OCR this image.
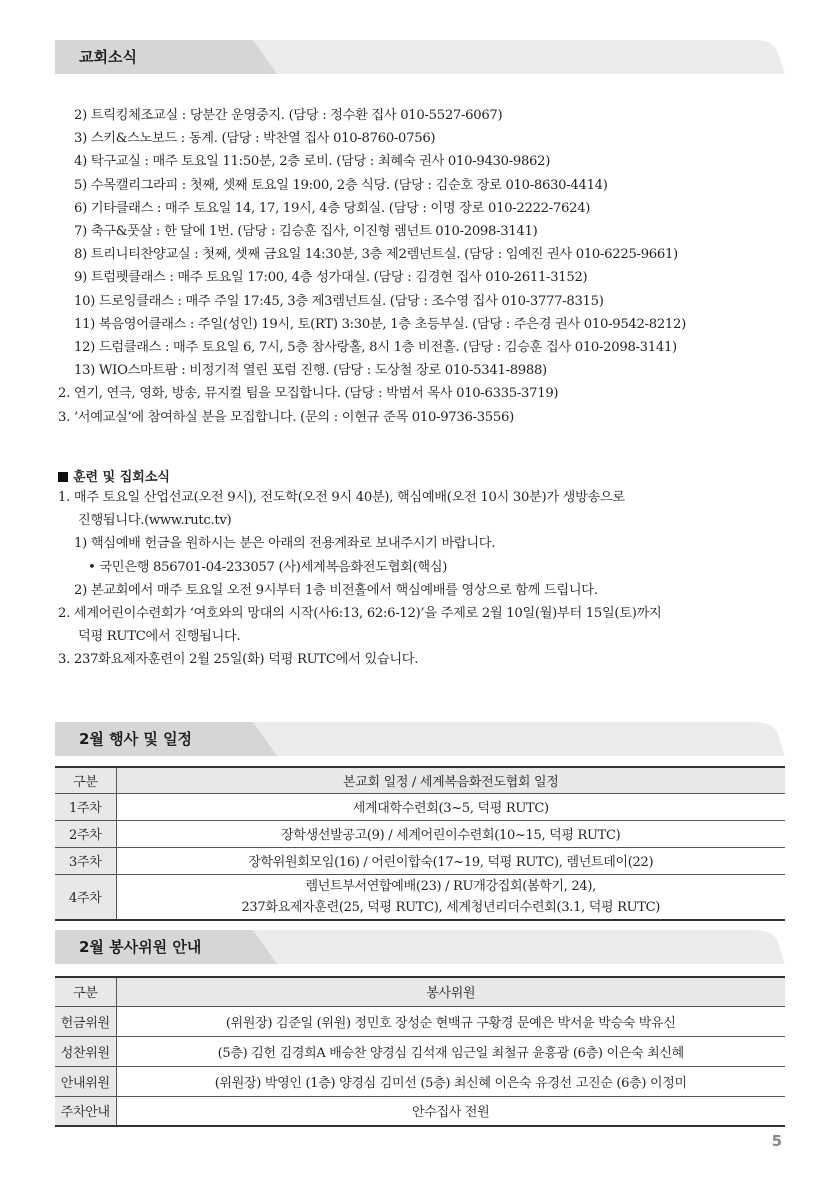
교회소식
2) 트릭킹체조교실 : 당분간 운영중지. (담당 : 정수환 집사 010-5527-6067)
3) 스키&스노보드 : 동계. (담당 : 박찬열 집사 010-8760-0756)
4) 탁구교실 : 매주 토요일 11:50분, 2층 로비. (담당 : 최혜숙 권사 010-9430-9862)
5) 수목캘리그라피 : 첫째, 셋째 토요일 19:00, 2층 식당. (담당 : 김순호 장로 010-8630-4414)
6) 기타클래스 : 매주 토요일 14, 17, 19시, 4층 당회실. (담당 : 이명 장로 010-2222-7624)
7) 축구&풋살 : 한 달에 1번. (담당 : 김승훈 집사, 이진형 렘넌트 010-2098-3141)
8) 트리니티찬양교실 : 첫째, 셋째 금요일 14:30분, 3층 제2렘넌트실. (담당 : 임예진 권사 010-6225-9661)
9) 트럼펫클래스 : 매주 토요일 17:00, 4층 성가대실. (담당 : 김경현 집사 010-2611-3152)
10) 드로잉클래스 : 매주 주일 17:45, 3층 제3렘넌트실. (담당 : 조수영 집사 010-3777-8315)
11) 복음영어클래스 : 주일(성인) 19시, 토(RT) 3:30분, 1층 초등부실. (담당 : 주은경 권사 010-9542-8212)
12) 드럼클래스 : 매주 토요일 6, 7시, 5층 참사랑홀, 8시 1층 비전홀. (담당 : 김승훈 집사 010-2098-3141)
13) WIO스마트팜 : 비정기적 열린 포럼 진행. (담당 : 도상철 장로 010-5341-8988)
2. 연기, 연극, 영화, 방송, 뮤지컬 팀을 모집합니다. (담당 : 박범서 목사 010-6335-3719)
3. ‘서예교실’에 참여하실 분을 모집합니다. (문의 : 이현규 준목 010-9736-3556)
훈련 및 집회소식
1. 매주 토요일 산업선교(오전 9시), 전도학(오전 9시 40분), 핵심예배(오전 10시 30분)가 생방송으로
진행됩니다.(www.rutc.tv)
1) 핵심예배 헌금을 원하시는 분은 아래의 전용계좌로 보내주시기 바랍니다.
• 국민은행 856701-04-233057 (사)세계복음화전도협회(핵심)
2) 본교회에서 매주 토요일 오전 9시부터 1층 비전홀에서 핵심예배를 영상으로 함께 드립니다.
2. 세계어린이수련회가 ‘여호와의 망대의 시작(사6:13, 62:6-12)’을 주제로 2월 10일(월)부터 15일(토)까지
덕평 RUTC에서 진행됩니다.
3. 237화요제자훈련이 2월 25일(화) 덕평 RUTC에서 있습니다.
2월 행사 및 일정
구분	본교회 일정 / 세계복음화전도협회 일정
1주차	세계대학수련회(3~5, 덕평 RUTC)
2주차	장학생선발공고(9) / 세계어린이수련회(10~15, 덕평 RUTC)
3주차	장학위원회모임(16) / 어린이합숙(17~19, 덕평 RUTC), 렘넌트데이(22)
4주차	렘넌트부서연합예배(23) / RU개강집회(봄학기, 24),
237화요제자훈련(25, 덕평 RUTC), 세계청년리더수련회(3.1, 덕평 RUTC)
2월 봉사위원 안내
구분	봉사위원
헌금위원	(위원장) 김준일 (위원) 정민호 장성순 현백규 구황경 문예은 박서윤 박승숙 박유신
성찬위원	(5층) 김헌 김경희A 배승찬 양경심 김석재 임근일 최철규 윤흥광 (6층) 이은숙 최신혜
안내위원	(위원장) 박영인 (1층) 양경심 김미선 (5층) 최신혜 이은숙 유경선 고진순 (6층) 이정미
주차안내	안수집사 전원
5
